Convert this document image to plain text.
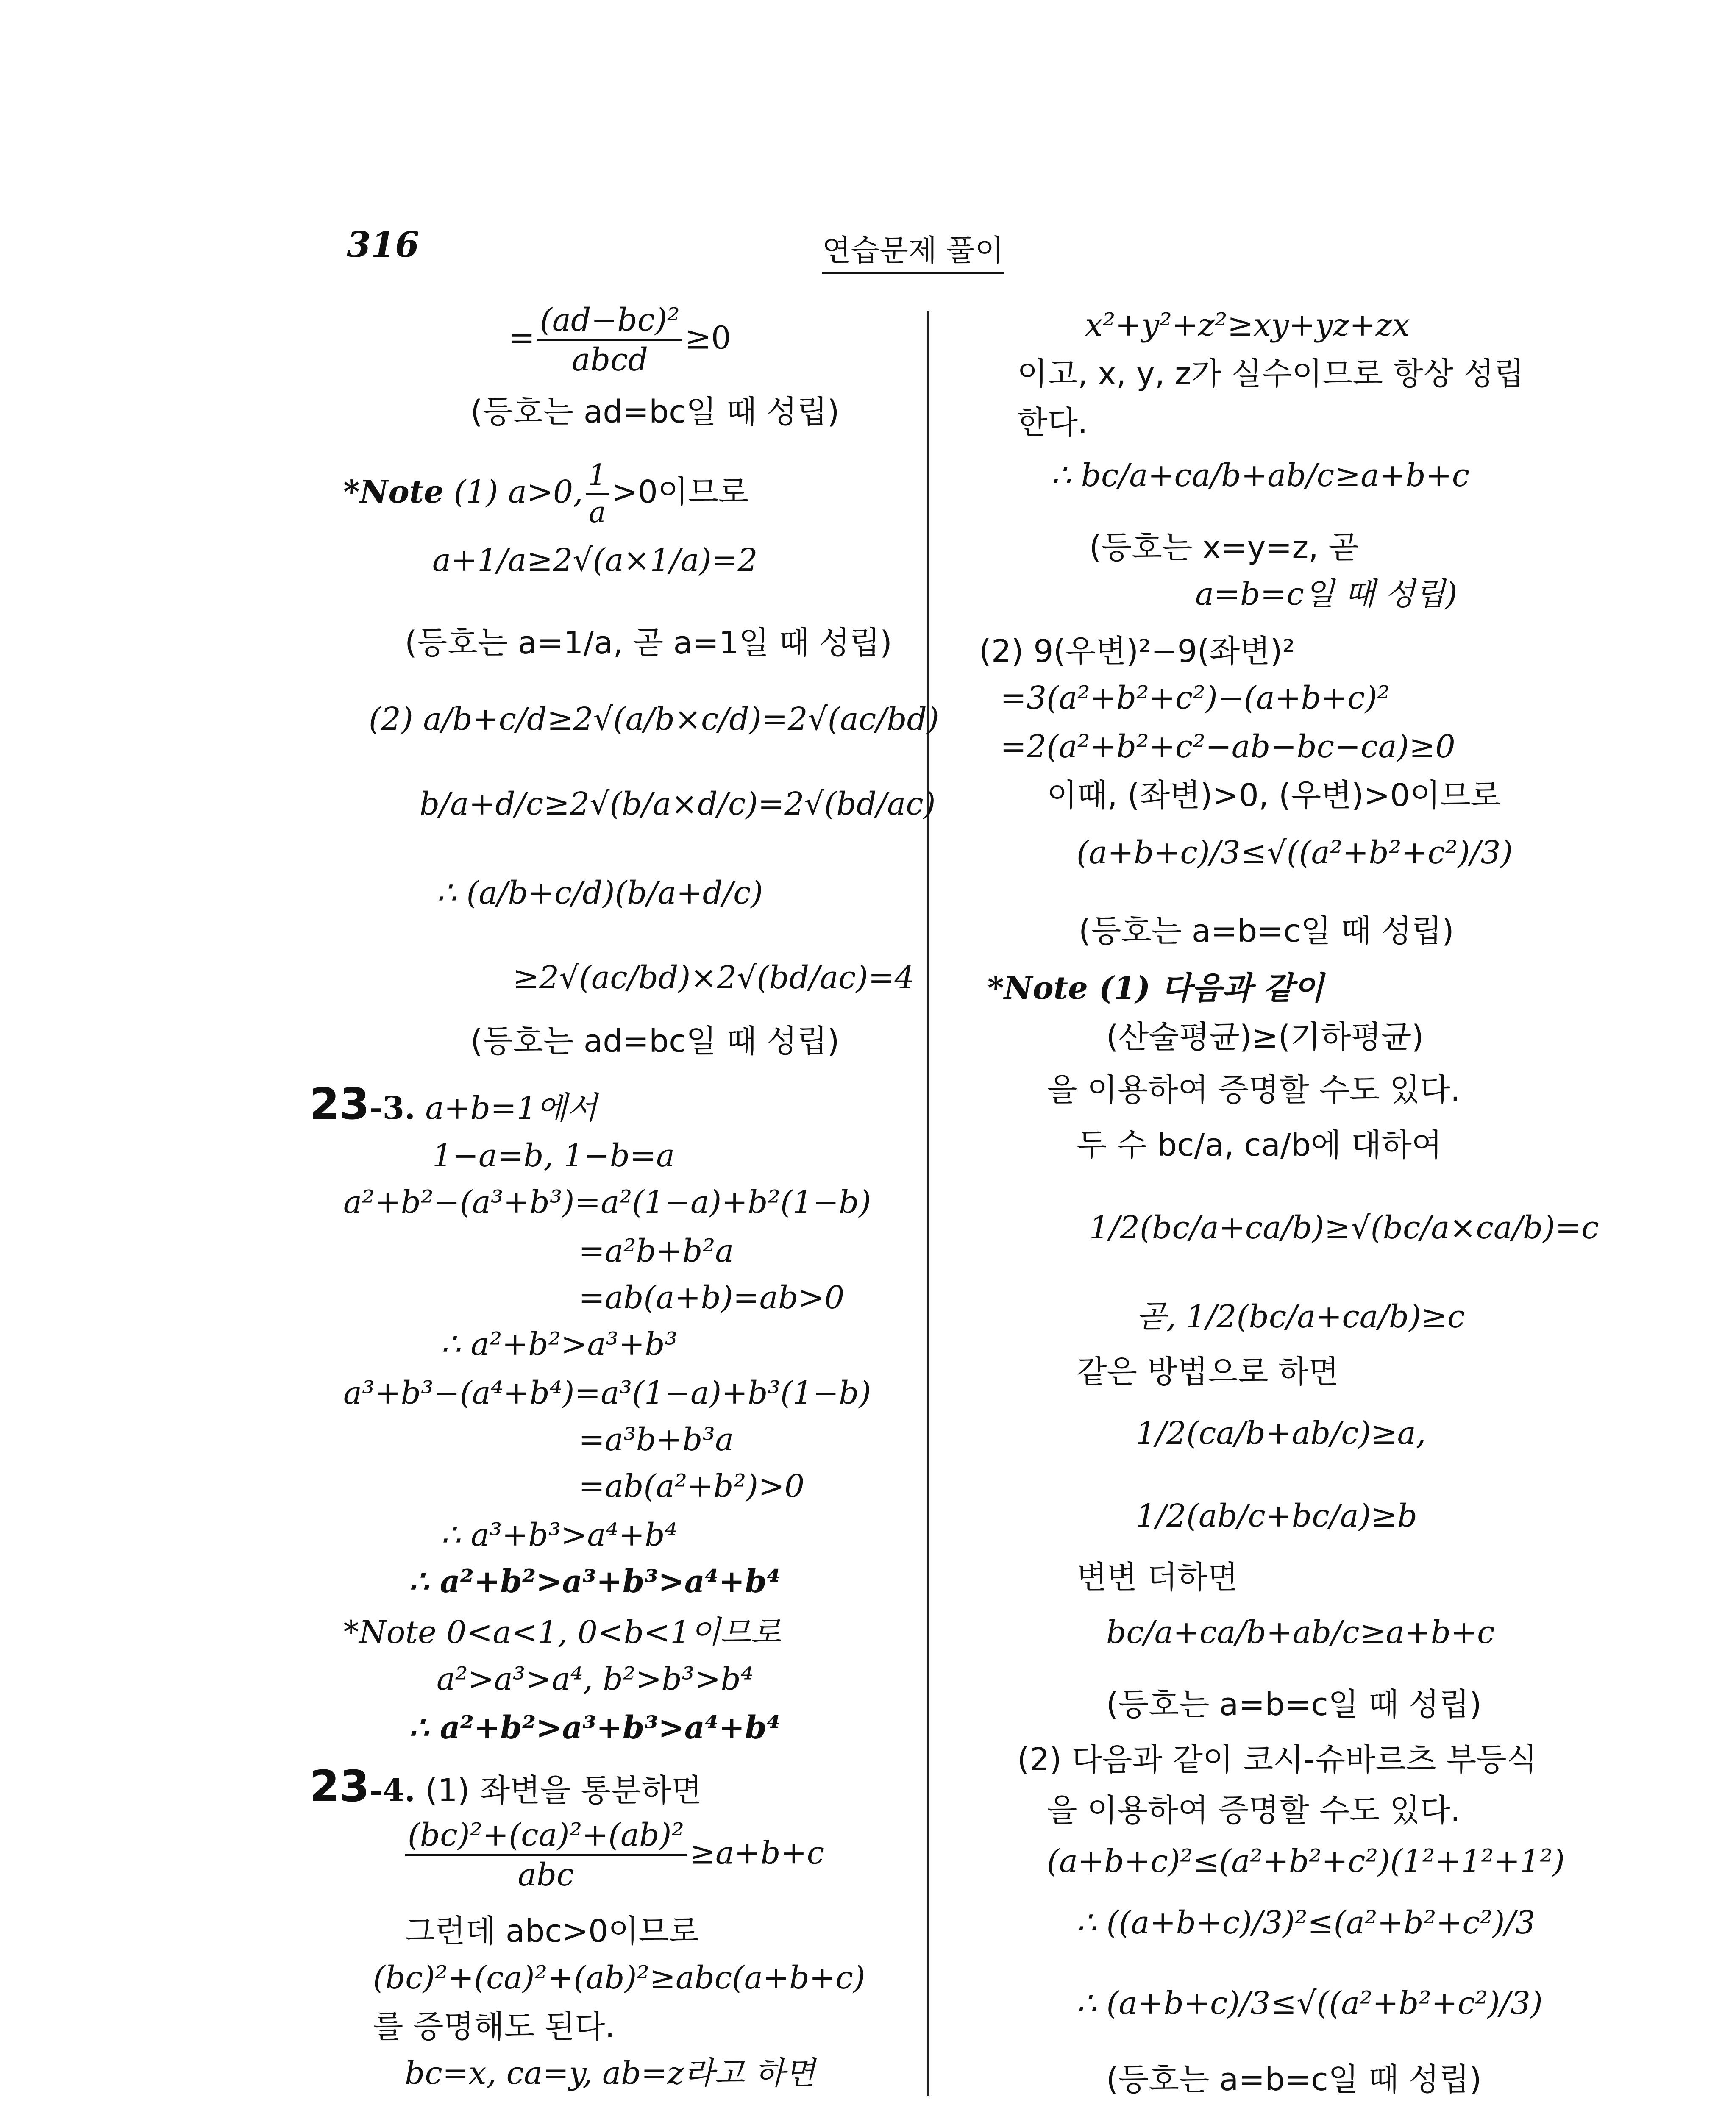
316	연습문제 풀이
= (ad−bc)²
abcd
≥0
(등호는 ad=bc일 때 성립)
*Note (1) a>0, $\frac{1}{a} >0$이므로
a+1/a≥2√(a×1/a)=2
(등호는 a=1/a, 곧 a=1일 때 성립)
(2) a/b+c/d≥2√(a/b×c/d)=2√(ac/bd)
b/a+d/c≥2√(b/a×d/c)=2√(bd/ac)
∴ (a/b+c/d)(b/a+d/c)
≥2√(ac/bd)×2√(bd/ac)=4
(등호는 ad=bc일 때 성립)
23-3. a+b=1에서
1−a=b, 1−b=a
a²+b²−(a³+b³)=a²(1−a)+b²(1−b)
=a²b+b²a
=ab(a+b)=ab>0
∴ a²+b²>a³+b³
a³+b³−(a⁴+b⁴)=a³(1−a)+b³(1−b)
=a³b+b³a
=ab(a²+b²)>0
∴ a³+b³>a⁴+b⁴
∴ a²+b²>a³+b³>a⁴+b⁴
*Note 0<a<1, 0<b<1이므로
a²>a³>a⁴, b²>b³>b⁴
∴ a²+b²>a³+b³>a⁴+b⁴
23-4. (1) 좌변을 통분하면
(bc)²+(ca)²+(ab)²
abc
≥a+b+c
그런데 abc>0이므로
(bc)²+(ca)²+(ab)²≥abc(a+b+c)
를 증명해도 된다.
bc=x, ca=y, ab=z라고 하면
x²+y²+z²≥xy+yz+zx
이고, x, y, z가 실수이므로 항상 성립
한다.
∴ bc/a+ca/b+ab/c≥a+b+c
(등호는 x=y=z, 곧
a=b=c일 때 성립)
(2) 9(우변)²−9(좌변)²
=3(a²+b²+c²)−(a+b+c)²
=2(a²+b²+c²−ab−bc−ca)≥0
이때, (좌변)>0, (우변)>0이므로
(a+b+c)/3≤√((a²+b²+c²)/3)
(등호는 a=b=c일 때 성립)
*Note (1) 다음과 같이
(산술평균)≥(기하평균)
을 이용하여 증명할 수도 있다.
두 수 bc/a, ca/b에 대하여
1/2(bc/a+ca/b)≥√(bc/a×ca/b)=c
곧, 1/2(bc/a+ca/b)≥c
같은 방법으로 하면
1/2(ca/b+ab/c)≥a,
1/2(ab/c+bc/a)≥b
변변 더하면
bc/a+ca/b+ab/c≥a+b+c
(등호는 a=b=c일 때 성립)
(2) 다음과 같이 코시-슈바르츠 부등식
을 이용하여 증명할 수도 있다.
(a+b+c)²≤(a²+b²+c²)(1²+1²+1²)
∴ ((a+b+c)/3)²≤(a²+b²+c²)/3
∴ (a+b+c)/3≤√((a²+b²+c²)/3)
(등호는 a=b=c일 때 성립)
